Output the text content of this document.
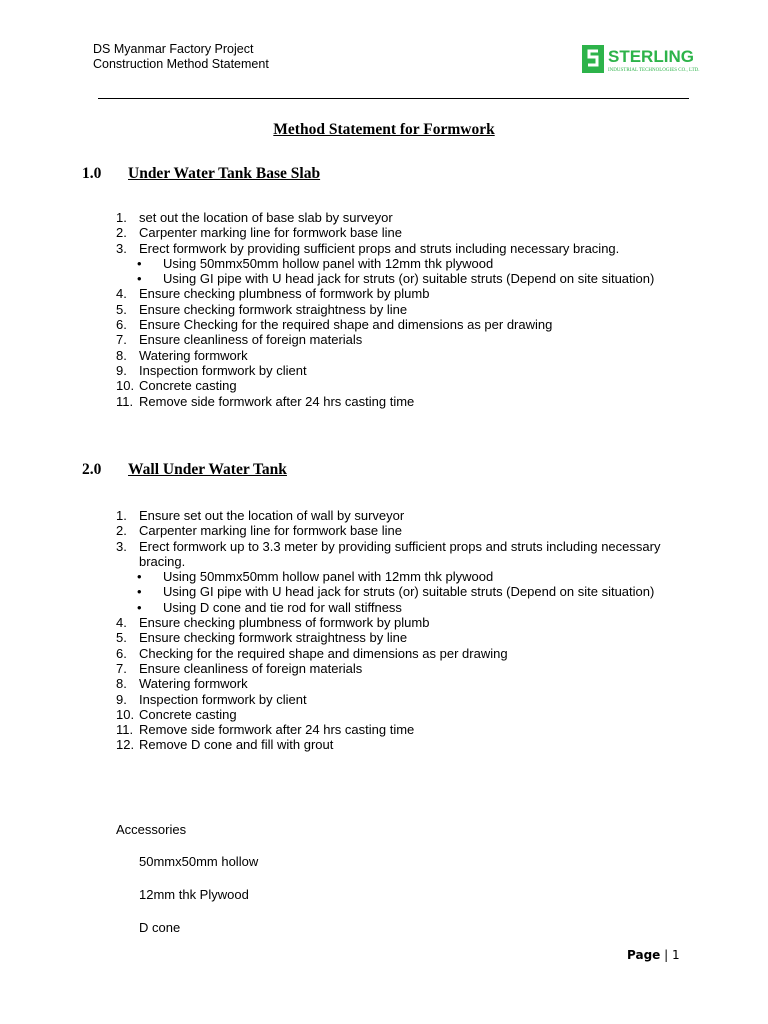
DS Myanmar Factory Project
Construction Method Statement	STERLING
INDUSTRIAL TECHNOLOGIES CO., LTD.
Method Statement for Formwork
1.0 Under Water Tank Base Slab
1. set out the location of base slab by surveyor
2. Carpenter marking line for formwork base line
3. Erect formwork by providing sufficient props and struts including necessary bracing.
•	Using 50mmx50mm hollow panel with 12mm thk plywood
•	Using GI pipe with U head jack for struts (or) suitable struts (Depend on site situation)
4. Ensure checking plumbness of formwork by plumb
5. Ensure checking formwork straightness by line
6. Ensure Checking for the required shape and dimensions as per drawing
7. Ensure cleanliness of foreign materials
8. Watering formwork
9. Inspection formwork by client
10. Concrete casting
11. Remove side formwork after 24 hrs casting time
2.0 Wall Under Water Tank
1. Ensure set out the location of wall by surveyor
2. Carpenter marking line for formwork base line
3. Erect formwork up to 3.3 meter by providing sufficient props and struts including necessary bracing.
•	Using 50mmx50mm hollow panel with 12mm thk plywood
•	Using GI pipe with U head jack for struts (or) suitable struts (Depend on site situation)
•	Using D cone and tie rod for wall stiffness
4. Ensure checking plumbness of formwork by plumb
5. Ensure checking formwork straightness by line
6. Checking for the required shape and dimensions as per drawing
7. Ensure cleanliness of foreign materials
8. Watering formwork
9. Inspection formwork by client
10. Concrete casting
11. Remove side formwork after 24 hrs casting time
12. Remove D cone and fill with grout
Accessories
50mmx50mm hollow
12mm thk Plywood
D cone
Page | 1
